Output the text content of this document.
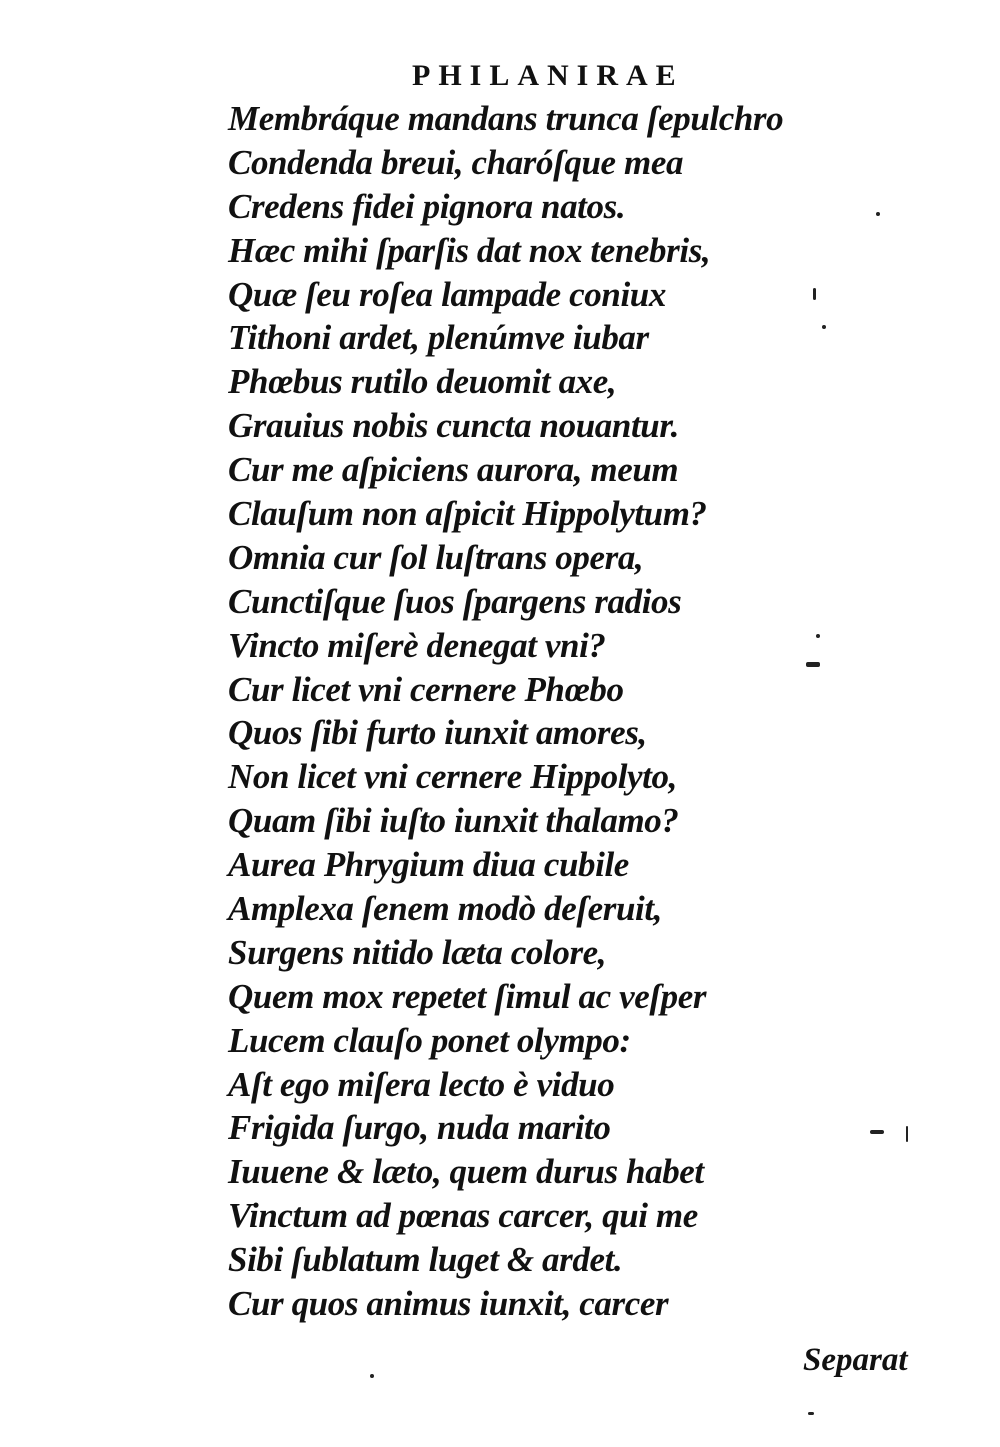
PHILANIRAE
Membráque mandans trunca ſepulchro
Condenda breui, charóſque mea
Credens fidei pignora natos.
Hæc mihi ſparſis dat nox tenebris,
Quæ ſeu roſea lampade coniux
Tithoni ardet, plenúmve iubar
Phœbus rutilo deuomit axe,
Grauius nobis cuncta nouantur.
Cur me aſpiciens aurora, meum
Clauſum non aſpicit Hippolytum?
Omnia cur ſol luſtrans opera,
Cunctiſque ſuos ſpargens radios
Vincto miſerè denegat vni?
Cur licet vni cernere Phœbo
Quos ſibi furto iunxit amores,
Non licet vni cernere Hippolyto,
Quam ſibi iuſto iunxit thalamo?
Aurea Phrygium diua cubile
Amplexa ſenem modò deſeruit,
Surgens nitido læta colore,
Quem mox repetet ſimul ac veſper
Lucem clauſo ponet olympo:
Aſt ego miſera lecto è viduo
Frigida ſurgo, nuda marito
Iuuene & læto, quem durus habet
Vinctum ad pœnas carcer, qui me
Sibi ſublatum luget & ardet.
Cur quos animus iunxit, carcer
Separat
